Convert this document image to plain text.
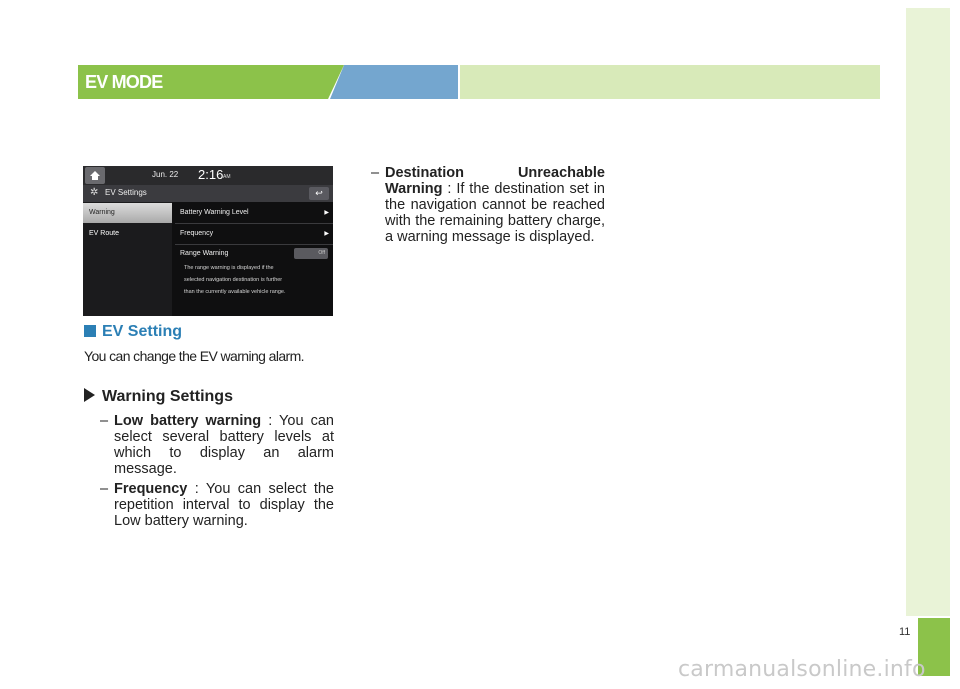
EV MODE
Jun. 22 2:16 AM
✲ EV Settings	↩
Warning
EV Route
Battery Warning Level	▶
Frequency	▶
Range Warning	Off
The range warning is displayed if the
selected navigation destination is further
than the currently available vehicle range.
EV Setting
You can change the EV warning alarm.
Warning Settings
– Low battery warning : You can select several battery levels at which to display an alarm message.
– Frequency : You can select the repetition interval to display the Low battery warning.
– Destination Unreachable Warning : If the destination set in the navigation cannot be reached with the remaining battery charge, a warning message is displayed.
11
carmanualsonline.info
